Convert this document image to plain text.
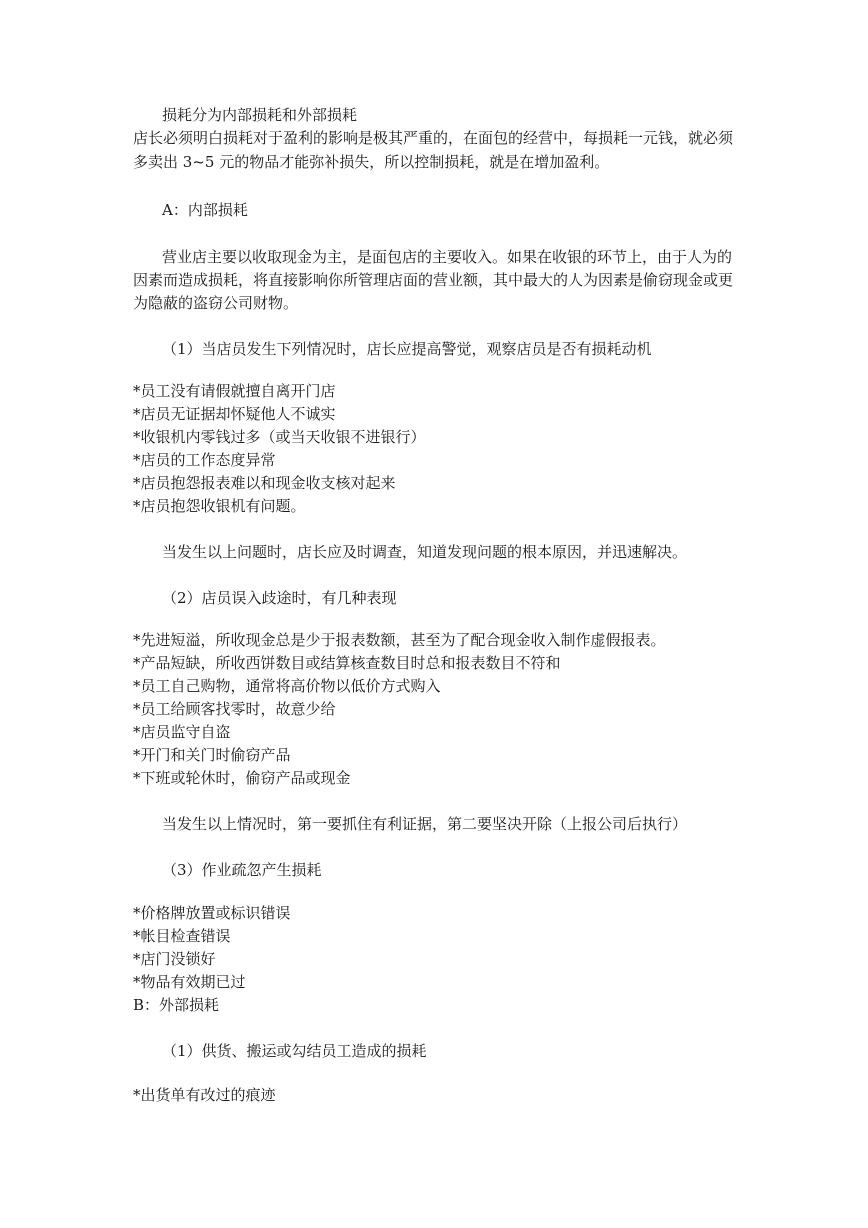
损耗分为内部损耗和外部损耗
店长必须明白损耗对于盈利的影响是极其严重的，在面包的经营中，每损耗一元钱，就必须
多卖出 3~5 元的物品才能弥补损失，所以控制损耗，就是在增加盈利。
A：内部损耗
营业店主要以收取现金为主，是面包店的主要收入。如果在收银的环节上，由于人为的
因素而造成损耗，将直接影响你所管理店面的营业额，其中最大的人为因素是偷窃现金或更
为隐蔽的盗窃公司财物。
（1）当店员发生下列情况时，店长应提高警觉，观察店员是否有损耗动机
*员工没有请假就擅自离开门店
*店员无证据却怀疑他人不诚实
*收银机内零钱过多（或当天收银不进银行）
*店员的工作态度异常
*店员抱怨报表难以和现金收支核对起来
*店员抱怨收银机有问题。
当发生以上问题时，店长应及时调查，知道发现问题的根本原因，并迅速解决。
（2）店员误入歧途时，有几种表现
*先进短溢，所收现金总是少于报表数额，甚至为了配合现金收入制作虚假报表。
*产品短缺，所收西饼数目或结算核查数目时总和报表数目不符和
*员工自己购物，通常将高价物以低价方式购入
*员工给顾客找零时，故意少给
*店员监守自盗
*开门和关门时偷窃产品
*下班或轮休时，偷窃产品或现金
当发生以上情况时，第一要抓住有利证据，第二要坚决开除（上报公司后执行）
（3）作业疏忽产生损耗
*价格牌放置或标识错误
*帐目检查错误
*店门没锁好
*物品有效期已过
B：外部损耗
（1）供货、搬运或勾结员工造成的损耗
*出货单有改过的痕迹
